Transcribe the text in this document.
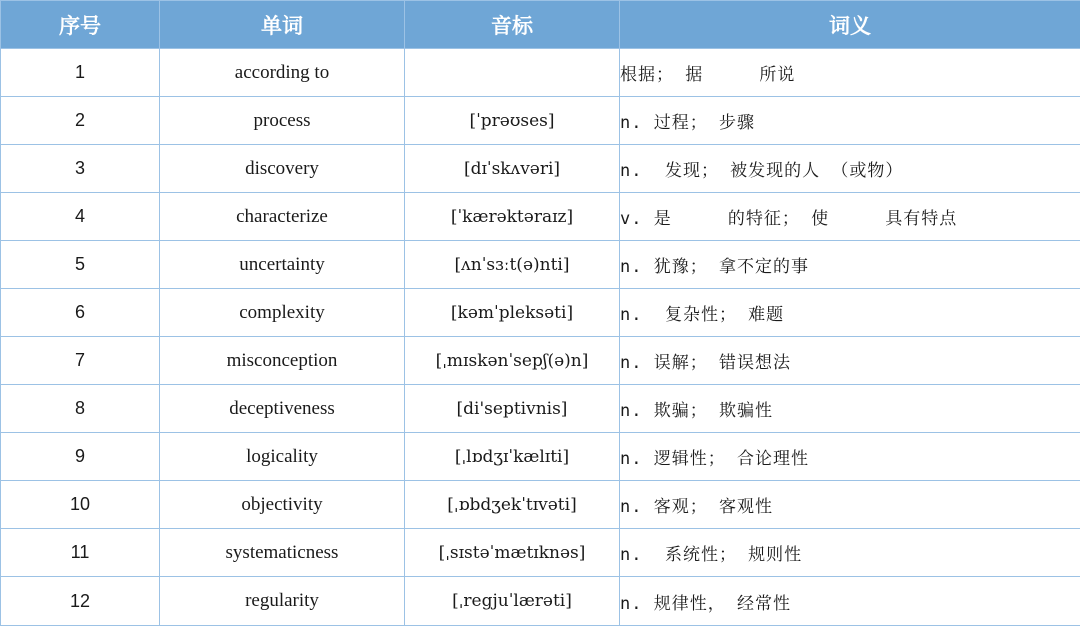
序号	单词	音标	词义
1	according to		根据； 据     所说
2	process	[ˈprəʊses]	n. 过程； 步骤
3	discovery	[dɪˈskʌvəri]	n.  发现； 被发现的人 （或物）
4	characterize	[ˈkærəktəraɪz]	v. 是     的特征； 使     具有特点
5	uncertainty	[ʌnˈsɜːt(ə)nti]	n. 犹豫； 拿不定的事
6	complexity	[kəmˈpleksəti]	n.  复杂性； 难题
7	misconception	[ˌmɪskənˈsepʃ(ə)n]	n. 误解； 错误想法
8	deceptiveness	[di'septivnis]	n. 欺骗； 欺骗性
9	logicality	[ˌlɒdʒɪˈkælɪti]	n. 逻辑性； 合论理性
10	objectivity	[ˌɒbdʒekˈtɪvəti]	n. 客观； 客观性
11	systematicness	[ˌsɪstəˈmætɪknəs]	n.  系统性； 规则性
12	regularity	[ˌregjuˈlærəti]	n. 规律性， 经常性
